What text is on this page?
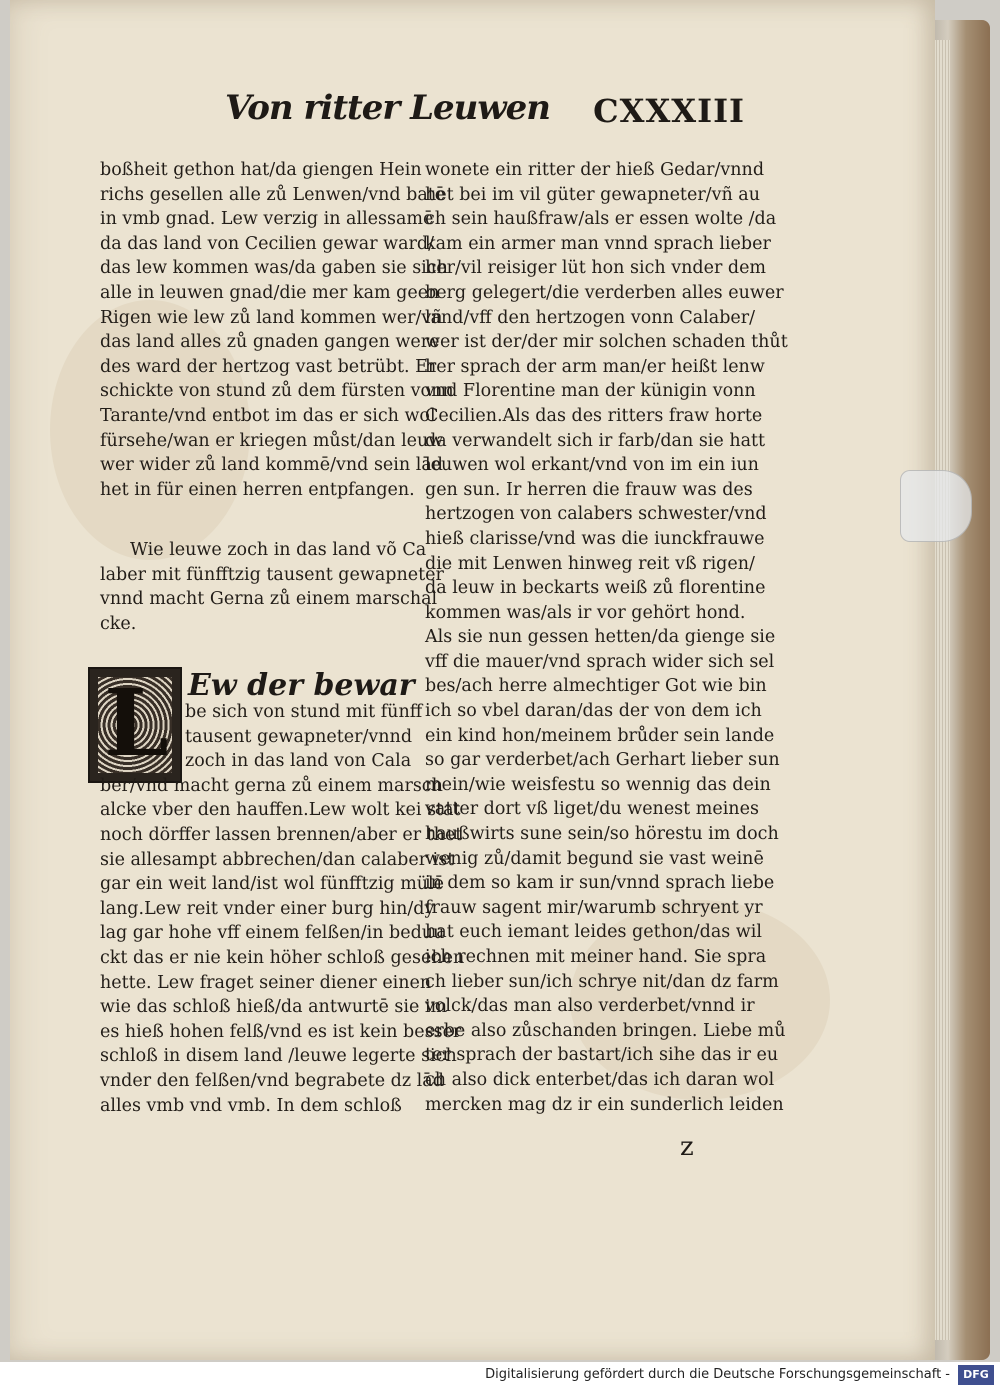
Von ritter Leuwen CXXXIII
boßheit gethon hat/da giengen Hein
richs gesellen alle zů Lenwen/vnd batē
in vmb gnad. Lew verzig in allessamē
da das land von Cecilien gewar ward/
das lew kommen was/da gaben sie sich
alle in leuwen gnad/die mer kam geen
Rigen wie lew zů land kommen wer/vñ
das land alles zů gnaden gangen were
des ward der hertzog vast betrübt. Er
schickte von stund zů dem fürsten vonn
Tarante/vnd entbot im das er sich wol
fürsehe/wan er kriegen můst/dan leuw
wer wider zů land kommē/vnd sein lād
het in für einen herren entpfangen.
Wie leuwe zoch in das land võ Ca
laber mit fünfftzig tausent gewapneter
vnnd macht Gerna zů einem marschal
cke.
L Ew der bewar
be sich von stund mit fünff
tausent gewapneter/vnnd
zoch in das land von Cala
ber/vnd macht gerna zů einem marsch
alcke vber den hauffen.Lew wolt kei stat
noch dörffer lassen brennen/aber er thet
sie allesampt abbrechen/dan calaber ist
gar ein weit land/ist wol fünfftzig mülē
lang.Lew reit vnder einer burg hin/dy
lag gar hohe vff einem felßen/in beduu
ckt das er nie kein höher schloß gesehen
hette. Lew fraget seiner diener einen
wie das schloß hieß/da antwurtē sie im
es hieß hohen felß/vnd es ist kein besser
schloß in disem land /leuwe legerte sich
vnder den felßen/vnd begrabete dz lād
alles vmb vnd vmb. In dem schloß
wonete ein ritter der hieß Gedar/vnnd
het bei im vil güter gewapneter/vñ au
ch sein haußfraw/als er essen wolte /da
kam ein armer man vnnd sprach lieber
her/vil reisiger lüt hon sich vnder dem
berg gelegert/die verderben alles euwer
land/vff den hertzogen vonn Calaber/
wer ist der/der mir solchen schaden thůt
her sprach der arm man/er heißt lenw
vnd Florentine man der künigin vonn
Cecilien.Als das des ritters fraw horte
da verwandelt sich ir farb/dan sie hatt
leuwen wol erkant/vnd von im ein iun
gen sun. Ir herren die frauw was des
hertzogen von calabers schwester/vnd
hieß clarisse/vnd was die iunckfrauwe
die mit Lenwen hinweg reit vß rigen/
da leuw in beckarts weiß zů florentine
kommen was/als ir vor gehört hond.
Als sie nun gessen hetten/da gienge sie
vff die mauer/vnd sprach wider sich sel
bes/ach herre almechtiger Got wie bin
ich so vbel daran/das der von dem ich
ein kind hon/meinem brůder sein lande
so gar verderbet/ach Gerhart lieber sun
mein/wie weisfestu so wennig das dein
vatter dort vß liget/du wenest meines
haußwirts sune sein/so hörestu im doch
wenig zů/damit begund sie vast weinē
in dem so kam ir sun/vnnd sprach liebe
frauw sagent mir/warumb schryent yr
hat euch iemant leides gethon/das wil
ich rechnen mit meiner hand. Sie spra
ch lieber sun/ich schrye nit/dan dz farm
volck/das man also verderbet/vnnd ir
erbe also zůschanden bringen. Liebe mů
ter sprach der bastart/ich sihe das ir eu
ch also dick enterbet/das ich daran wol
mercken mag dz ir ein sunderlich leiden
z
Digitalisierung gefördert durch die Deutsche Forschungsgemeinschaft -	DFG
